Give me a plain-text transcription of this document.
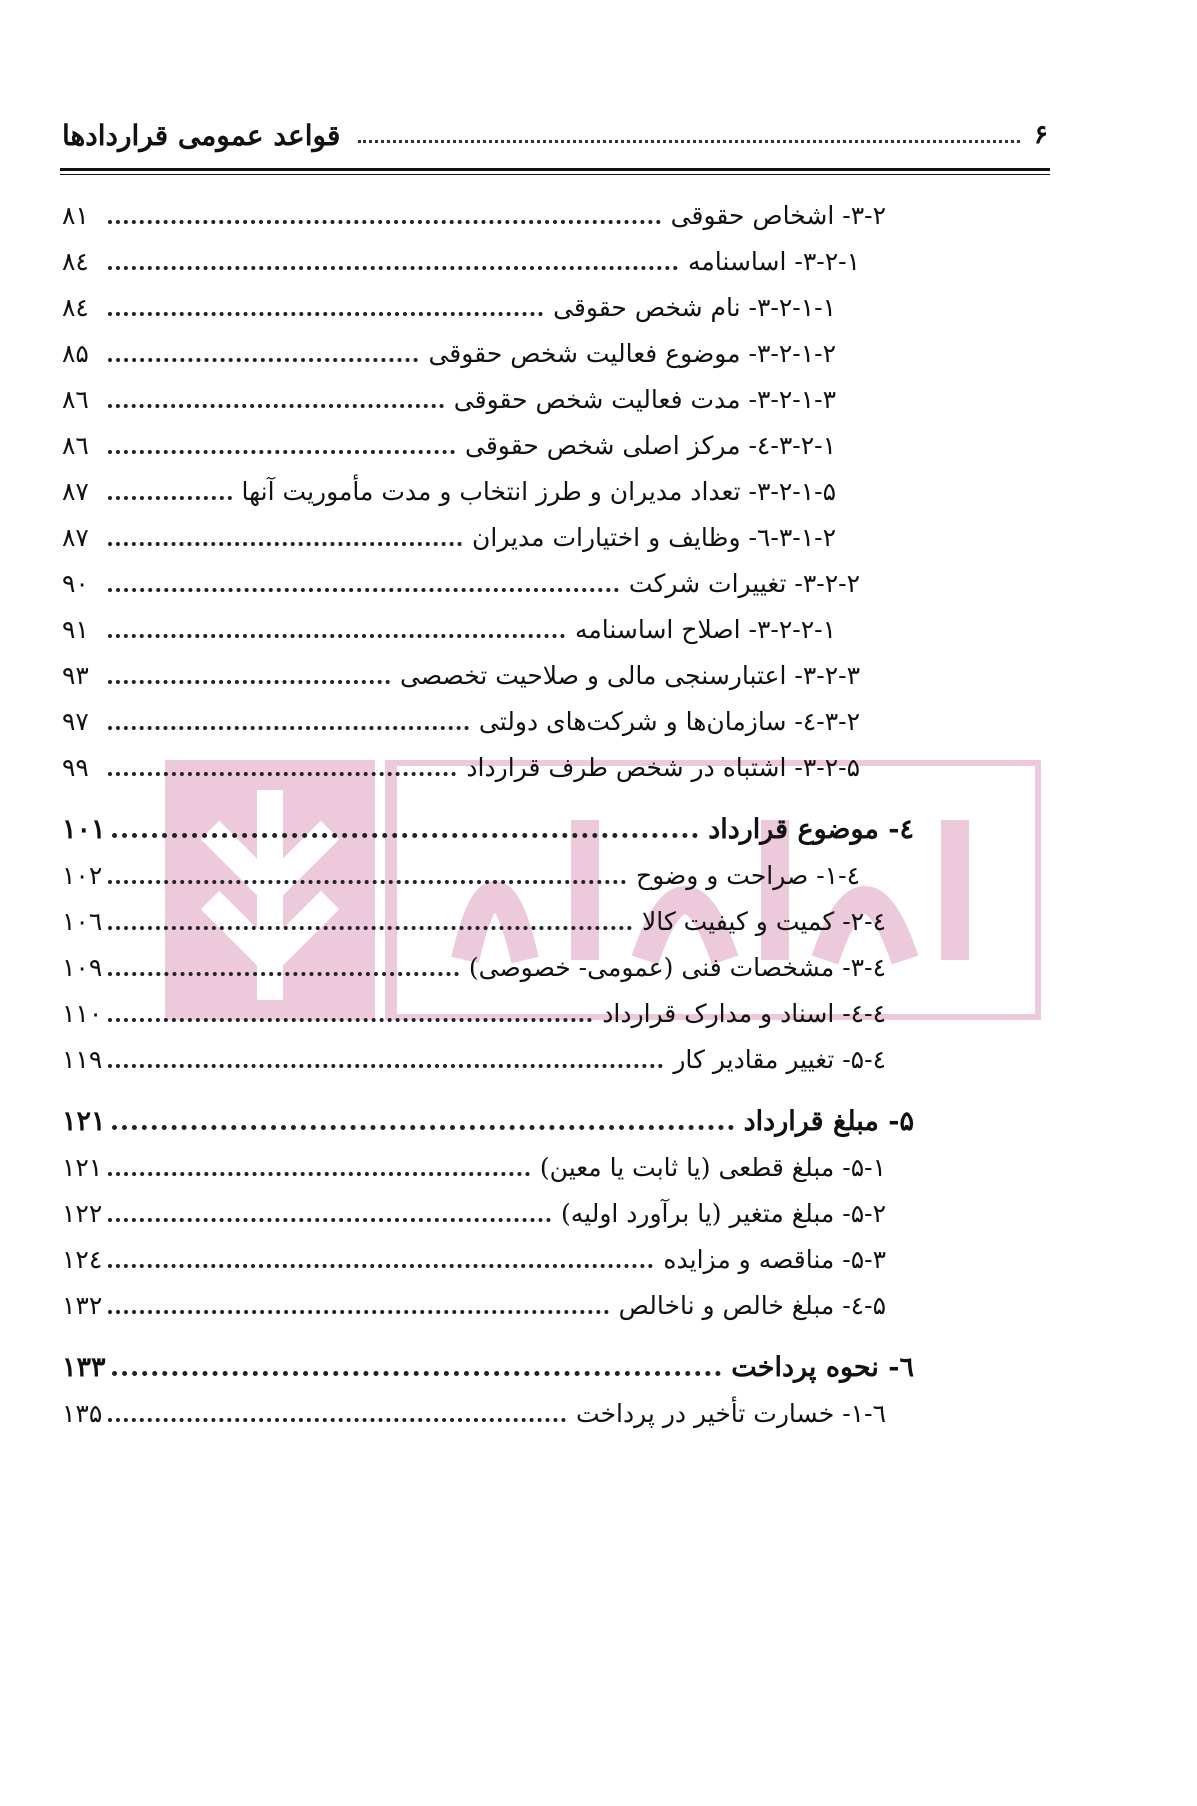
۶
قواعد عمومی قراردادها
۳-۲- اشخاص حقوقی
۸۱
۳-۲-۱- اساسنامه
۸٤
۳-۲-۱-۱- نام شخص حقوقی
۸٤
۳-۲-۱-۲- موضوع فعالیت شخص حقوقی
۸۵
۳-۲-۱-۳- مدت فعالیت شخص حقوقی
۸٦
۳-۲-۱-٤- مرکز اصلی شخص حقوقی
۸٦
۳-۲-۱-۵- تعداد مدیران و طرز انتخاب و مدت مأموریت آنها
۸۷
۳-۱-۲-٦- وظایف و اختیارات مدیران
۸۷
۳-۲-۲- تغییرات شرکت
۹۰
۳-۲-۲-۱- اصلاح اساسنامه
۹۱
۳-۲-۳- اعتبارسنجی مالی و صلاحیت تخصصی
۹۳
۳-۲-٤- سازمان‌ها و شرکت‌های دولتی
۹۷
۳-۲-۵- اشتباه در شخص طرف قرارداد
۹۹
٤- موضوع قرارداد
۱۰۱
٤-۱- صراحت و وضوح
۱۰۲
٤-۲- کمیت و کیفیت کالا
۱۰٦
٤-۳- مشخصات فنی (عمومی- خصوصی)
۱۰۹
٤-٤- اسناد و مدارک قرارداد
۱۱۰
٤-۵- تغییر مقادیر کار
۱۱۹
۵- مبلغ قرارداد
۱۲۱
۵-۱- مبلغ قطعی (یا ثابت یا معین)
۱۲۱
۵-۲- مبلغ متغیر (یا برآورد اولیه)
۱۲۲
۵-۳- مناقصه و مزایده
۱۲٤
۵-٤- مبلغ خالص و ناخالص
۱۳۲
٦- نحوه پرداخت
۱۳۳
٦-۱- خسارت تأخیر در پرداخت
۱۳۵
